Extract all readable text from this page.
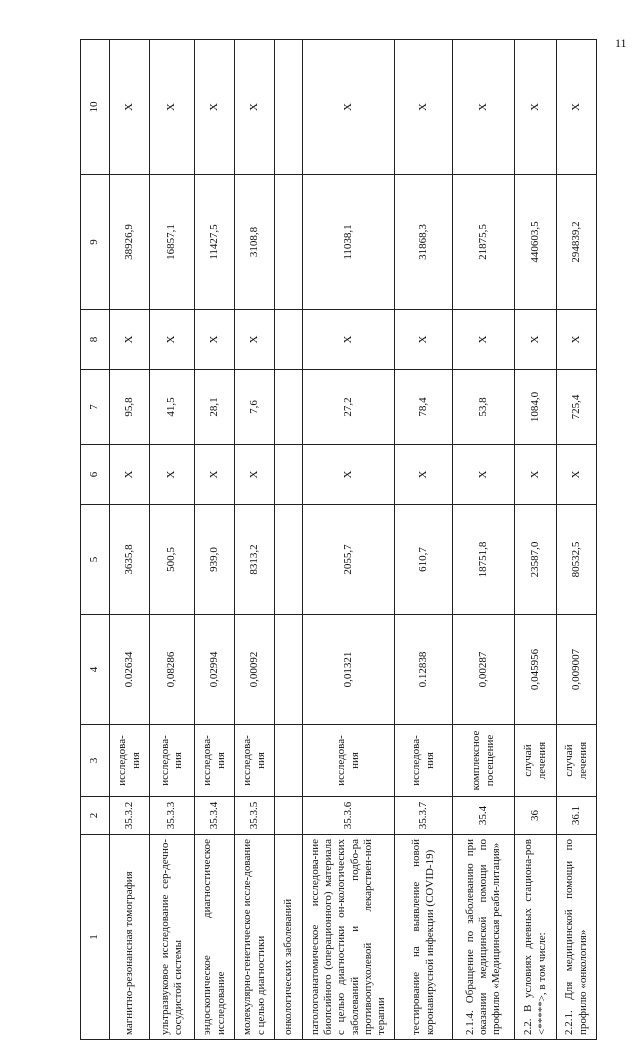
11
1	2	3	4	5	6	7	8	9	10
магнитно-резонансная томография	35.3.2	исследова-ния	0.02634	3635,8	Х	95,8	Х	38926,9	Х
ультразвуковое исследование сер-дечно-сосудистой системы	35.3.3	исследова-ния	0,08286	500,5	Х	41,5	Х	16857,1	Х
эндоскопическое диагностическое исследование	35.3.4	исследова-ния	0,02994	939,0	Х	28,1	Х	11427,5	Х
молекулярно-генетическое иссле-дование с целью диагностики	35.3.5	исследова-ния	0,00092	8313,2	Х	7,6	Х	3108,8	Х
онкологических заболеваний									
патологоанатомическое исследова-ние биопсийного (операционного) материала с целью диагностики он-кологических заболеваний и подбо-ра противоопухолевой лекарствен-ной терапии	35.3.6	исследова-ния	0,01321	2055,7	Х	27,2	Х	11038,1	Х
тестирование на выявление новой коронавирусной инфекции (COVID-19)	35.3.7	исследова-ния	0.12838	610,7	Х	78,4	Х	31868,3	Х
2.1.4. Обращение по заболеванию при оказании медицинской помощи по профилю «Медицинская реаби-литация»	35.4	комплексное посещение	0,00287	18751,8	Х	53,8	Х	21875,5	Х
2.2. В условиях дневных стациона-ров <*****>, в том числе:	36	случай лечения	0,045956	23587,0	Х	1084,0	Х	440603,5	Х
2.2.1. Для медицинской помощи по профилю «онкология»	36.1	случай лечения	0,009007	80532,5	Х	725,4	Х	294839,2	Х
